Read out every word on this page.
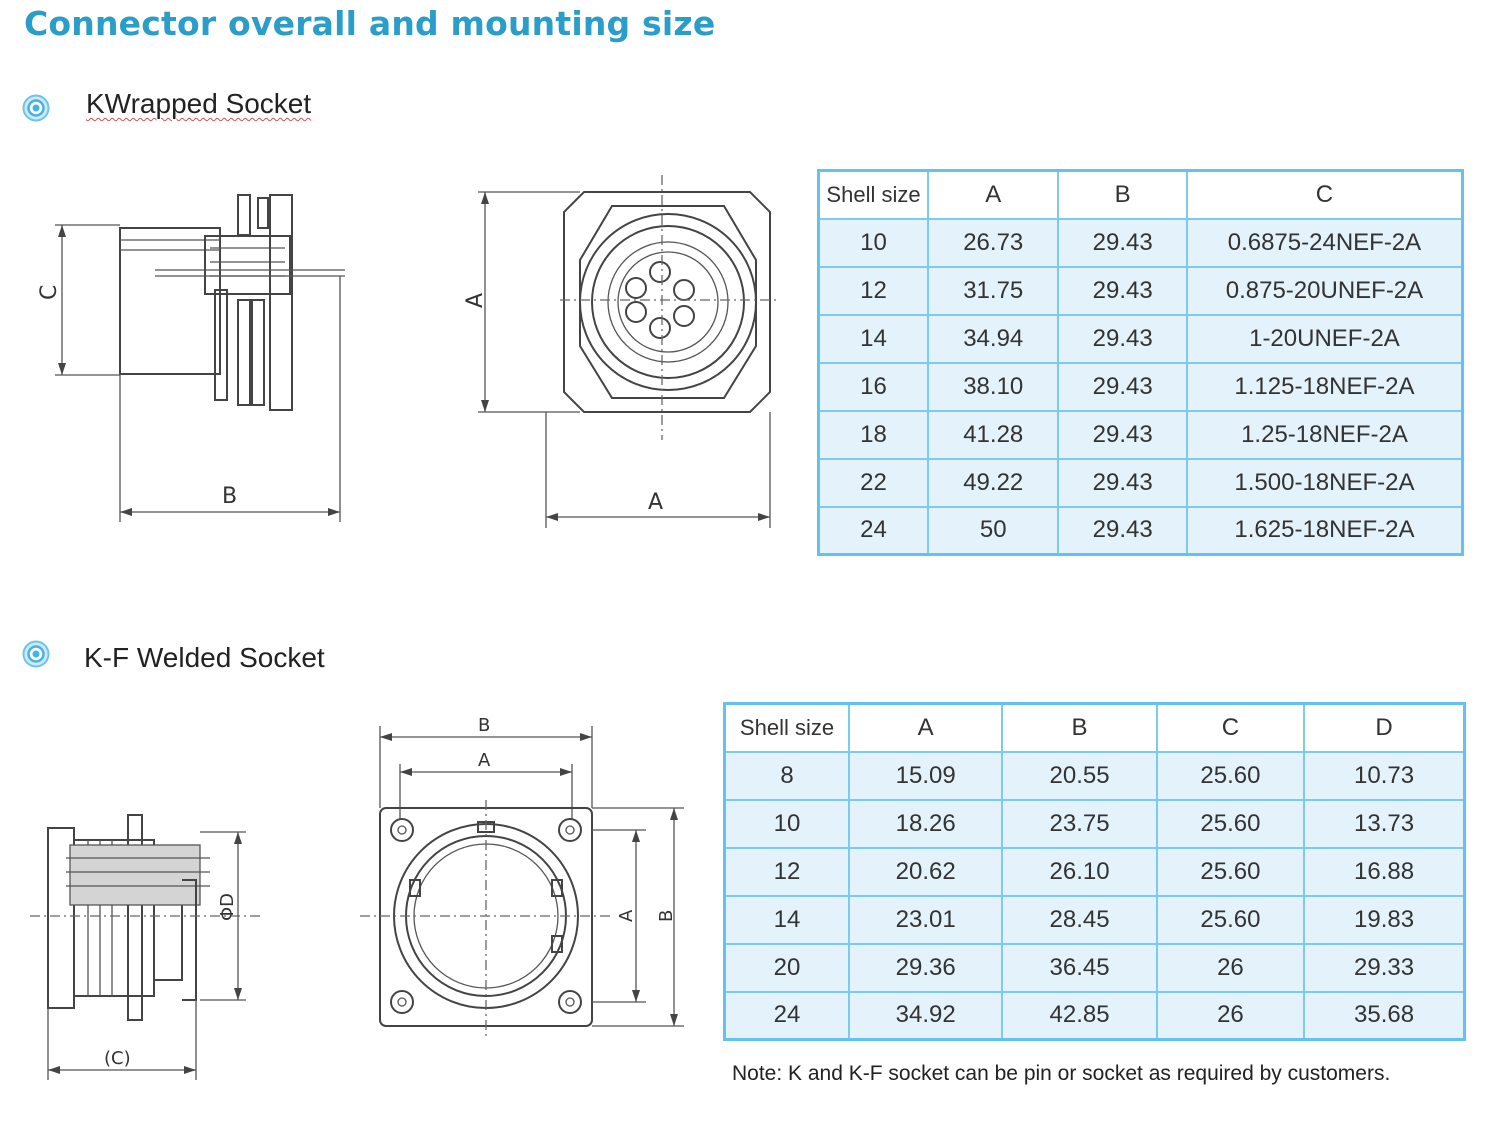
Connector overall and mounting size
KWrapped Socket
K-F Welded Socket
C
B
A
A
ΦD
(C)
B
A
A B
Shell size	A	B	C
10	26.73	29.43	0.6875-24NEF-2A
12	31.75	29.43	0.875-20UNEF-2A
14	34.94	29.43	1-20UNEF-2A
16	38.10	29.43	1.125-18NEF-2A
18	41.28	29.43	1.25-18NEF-2A
22	49.22	29.43	1.500-18NEF-2A
24	50	29.43	1.625-18NEF-2A
Shell size	A	B	C	D
8	15.09	20.55	25.60	10.73
10	18.26	23.75	25.60	13.73
12	20.62	26.10	25.60	16.88
14	23.01	28.45	25.60	19.83
20	29.36	36.45	26	29.33
24	34.92	42.85	26	35.68
Note: K and K-F socket can be pin or socket as required by customers.
